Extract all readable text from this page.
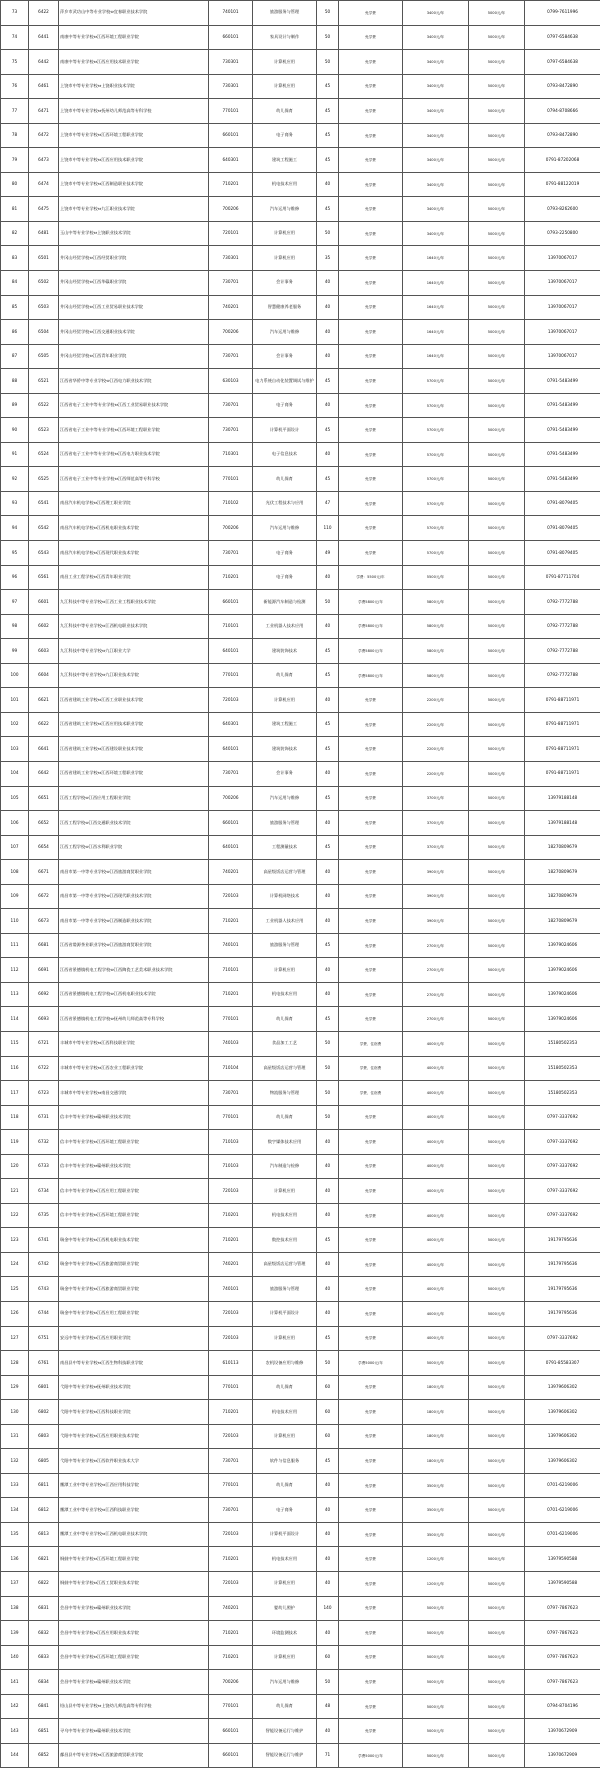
73	6422	萍乡市武功山中等专业学校⇔宜春职业技术学院	740101	旅游服务与管理	50	免学费	3400元/年	5000元/年	0799-7611996
74	6441	南康中等专业学校⇔江西环境工程职业学院	660101	家具设计与制作	50	免学费	3400元/年	5000元/年	0797-6584638
75	6442	南康中等专业学校⇔江西应用技术职业学院	730301	计算机应用	50	免学费	3400元/年	5000元/年	0797-6584638
76	6461	上饶市中等专业学校⇔上饶职业技术学院	730301	计算机应用	45	免学费	3400元/年	5000元/年	0793-8472890
77	6471	上饶市中等专业学校⇔抚州幼儿师范高等专科学校	770101	幼儿保育	45	免学费	3400元/年	5000元/年	0794-8708666
78	6472	上饶市中等专业学校⇔江西环境工程职业学院	660101	电子商务	45	免学费	3400元/年	5000元/年	0793-8472890
79	6473	上饶市中等专业学校⇔江西应用技术职业学院	640301	建筑工程施工	45	免学费	3400元/年	5000元/年	0791-87202068
80	6474	上饶市中等专业学校⇔江西制造职业技术学院	710201	机电技术应用	40	免学费	3400元/年	5000元/年	0791-88122019
81	6475	上饶市中等专业学校⇔九江职业技术学院	700206	汽车运用与维修	45	免学费	3400元/年	5000元/年	0793-8262600
82	6481	玉山中等专业学校⇔上饶职业技术学院	720101	计算机应用	50	免学费	3400元/年	5000元/年	0793-2250800
83	6501	井冈山经贸学校⇔江西经贸职业学院	730301	计算机应用	35	免学费	1640元/年	5000元/年	13970067017
84	6502	井冈山经贸学校⇔江西华赣职业学院	730701	会计事务	40	免学费	1640元/年	5000元/年	13970067017
85	6503	井冈山经贸学校⇔江西工业贸易职业技术学院	740201	智慧健康养老服务	40	免学费	1640元/年	5000元/年	13970067017
86	6504	井冈山经贸学校⇔江西交通职业技术学院	700206	汽车运用与维修	40	免学费	1640元/年	5000元/年	13970067017
87	6505	井冈山经贸学校⇔江西青年职业学院	730701	会计事务	40	免学费	1640元/年	5000元/年	13970067017
88	6521	江西省华侨中等专业学校⇔江西电力职业技术学院	630103	电力系统自动化装置调试与维护	45	免学费	5700元/年	5000元/年	0791-5483499
89	6522	江西省电子工业中等专业学校⇔江西工业贸易职业技术学院	730701	电子商务	40	免学费	5700元/年	5000元/年	0791-5483499
90	6523	江西省电子工业中等专业学校⇔江西环境工程职业学院	730701	计算机平面设计	45	免学费	5700元/年	5000元/年	0791-5483499
91	6524	江西省电子工业中等专业学校⇔江西电力职业技术学院	710301	电子信息技术	40	免学费	5700元/年	5000元/年	0791-5483499
92	6525	江西省电子工业中等专业学校⇔江西师范高等专科学校	770101	幼儿保育	45	免学费	5700元/年	5000元/年	0791-5483499
93	6541	南昌汽车机电学校⇔江西理工职业学院	710102	光伏工程技术与应用	47	免学费	5700元/年	5000元/年	0791-8079405
94	6542	南昌汽车机电学校⇔江西机电职业技术学院	700206	汽车运用与维修	110	免学费	5700元/年	5000元/年	0791-8079405
95	6543	南昌汽车机电学校⇔江西现代职业技术学院	730701	电子商务	49	免学费	5700元/年	5000元/年	0791-8079405
96	6561	南昌工业工程学校⇔江西青年职业学院	710201	电子商务	40	学费：5500元/年	5500元/年	5000元/年	0791-87711704
97	6601	九江科技中等专业学校⇔江西工业工程职业技术学院	660101	新能源汽车制造与检测	50	学费5800元/年	5800元/年	5000元/年	0792-7772788
98	6602	九江科技中等专业学校⇔江西机电职业技术学院	710101	工业机器人技术应用	40	学费5800元/年	5800元/年	5000元/年	0792-7772788
99	6603	九江科技中等专业学校⇔九江职业大学	640101	建筑装饰技术	45	学费5800元/年	5800元/年	5000元/年	0792-7772788
100	6604	九江科技中等专业学校⇔九江职业技术学院	770101	幼儿保育	45	学费5800元/年	5800元/年	5000元/年	0792-7772788
101	6621	江西省建筑工业学校⇔江西工业职业技术学院	720103	计算机应用	40	免学费	2200元/年	5000元/年	0791-88711971
102	6622	江西省建筑工业学校⇔江西应用技术职业学院	640301	建筑工程施工	45	免学费	2200元/年	5000元/年	0791-88711971
103	6641	江西省建筑工业学校⇔江西建设职业技术学院	640101	建筑装饰技术	45	免学费	2200元/年	5000元/年	0791-88711971
104	6642	江西省建筑工业学校⇔江西环境工程职业学院	730701	会计事务	40	免学费	2200元/年	5000元/年	0791-88711971
105	6651	江西工程学校⇔江西应用工程职业学院	700206	汽车运用与维修	45	免学费	3700元/年	5000元/年	13979188148
106	6652	江西工程学校⇔江西交通职业技术学院	660101	旅游服务与管理	40	免学费	3700元/年	5000元/年	13979188148
107	6654	江西工程学校⇔江西水利职业学院	640101	工程测量技术	45	免学费	3700元/年	5000元/年	18270809679
108	6671	南昌市第一中等专业学校⇔江西旅游商贸职业学院	740201	高星级饭店运营与管理	40	免学费	3900元/年	5000元/年	18270809679
109	6672	南昌市第一中等专业学校⇔江西现代职业技术学院	720103	计算机网络技术	40	免学费	3900元/年	5000元/年	18270809679
110	6673	南昌市第一中等专业学校⇔江西制造职业技术学院	710201	工业机器人技术应用	40	免学费	3900元/年	5000元/年	18270809679
111	6681	江西省婺源茶业职业学校⇔江西旅游商贸职业学院	740101	旅游服务与管理	45	免学费	2700元/年	5000元/年	13979024606
112	6691	江西省景德镇机电工程学校⇔江西陶瓷工艺美术职业技术学院	710101	计算机应用	40	免学费	2700元/年	5000元/年	13979024606
113	6692	江西省景德镇机电工程学校⇔江西机电职业技术学院	710201	机电技术应用	40	免学费	2700元/年	5000元/年	13979024606
114	6693	江西省景德镇机电工程学校⇔抚州幼儿师范高等专科学校	770101	幼儿保育	45	免学费	2700元/年	5000元/年	13979024606
115	6721	丰城市中等专业学校⇔江西科技职业学院	740103	食品加工工艺	50	学费、住宿费	4000元/年	5000元/年	15180502353
116	6722	丰城市中等专业学校⇔江西农业工程职业学院	710104	高星级饭店运营与管理	50	学费、住宿费	4000元/年	5000元/年	15180502353
117	6723	丰城市中等专业学校⇔南昌交通学院	730701	物流服务与管理	50	学费、住宿费	4000元/年	5000元/年	15180502353
118	6731	信丰中等专业学校⇔赣州职业技术学院	770101	幼儿保育	50	免学费	4000元/年	5000元/年	0797-3337692
119	6732	信丰中等专业学校⇔江西环境工程职业学院	710103	数字媒体技术应用	40	免学费	4000元/年	5000元/年	0797-3337692
120	6733	信丰中等专业学校⇔赣州职业技术学院	710103	汽车制造与检修	40	免学费	4000元/年	5000元/年	0797-3337692
121	6734	信丰中等专业学校⇔江西应用工程职业学院	720103	计算机应用	40	免学费	4000元/年	5000元/年	0797-3337692
122	6735	信丰中等专业学校⇔江西环境工程职业学院	710201	机电技术应用	40	免学费	4000元/年	5000元/年	0797-3337692
123	6741	瑞金中等专业学校⇔江西机电职业技术学院	710201	数控技术应用	45	免学费	4000元/年	5000元/年	19179795636
124	6742	瑞金中等专业学校⇔江西旅游商贸职业学院	740201	高星级饭店运营与管理	40	免学费	4000元/年	5000元/年	19179795636
125	6743	瑞金中等专业学校⇔江西旅游商贸职业学院	740101	旅游服务与管理	40	免学费	4000元/年	5000元/年	19179795636
126	6744	瑞金中等专业学校⇔江西应用工程职业学院	720103	计算机平面设计	40	免学费	4000元/年	5000元/年	19179795636
127	6751	安远中等专业学校⇔江西应用职业学院	720103	计算机应用	45	免学费	4000元/年	5000元/年	0797-3337692
128	6761	南昌县中等专业学校⇔江西生物科技职业学院	610113	农机设备应用与维修	50	学费5000元/年	5000元/年	5000元/年	0791-85583307
129	6801	弋阳中等专业学校⇔抚州职业技术学院	770101	幼儿保育	60	免学费	1800元/年	5000元/年	13979606302
130	6802	弋阳中等专业学校⇔江西科技职业学院	710201	机电技术应用	60	免学费	1800元/年	5000元/年	13979606302
131	6803	弋阳中等专业学校⇔江西应用职业技术学院	720103	计算机应用	60	免学费	1800元/年	5000元/年	13979606302
132	6805	弋阳中等专业学校⇔江西软件职业技术大学	730701	软件与信息服务	45	免学费	1800元/年	5000元/年	13979606302
133	6811	鹰潭工业中等专业学校⇔江西应用科技学院	770101	幼儿保育	40	免学费	3500元/年	5000元/年	0701-6219006
134	6812	鹰潭工业中等专业学校⇔江西科技职业学院	730701	电子商务	40	免学费	3500元/年	5000元/年	0701-6219006
135	6813	鹰潭工业中等专业学校⇔江西机电职业技术学院	720103	计算机平面设计	40	免学费	3500元/年	5000元/年	0701-6219006
136	6821	铜鼓中等专业学校⇔江西环境工程职业学院	710201	机电技术应用	40	免学费	1200元/年	5000元/年	13979590588
137	6822	铜鼓中等专业学校⇔江西工贸职业技术学院	720103	计算机应用	40	免学费	1200元/年	5000元/年	13979590588
138	6831	会昌中等专业学校⇔赣州职业技术学院	740201	婴幼儿照护	140	免学费	5000元/年	5000元/年	0797-7867623
139	6832	会昌中等专业学校⇔江西应用职业技术学院	710201	环境监测技术	40	免学费	5000元/年	5000元/年	0797-7867623
140	6833	会昌中等专业学校⇔江西环境工程职业学院	710201	计算机应用	60	免学费	5000元/年	5000元/年	0797-7867623
141	6834	会昌中等专业学校⇔赣州职业技术学院	700206	汽车运用与维修	50	免学费	5000元/年	5000元/年	0797-7867623
142	6841	铅山县中等专业学校⇔上饶幼儿师范高等专科学校	770101	幼儿保育	48	免学费	5000元/年	5000元/年	0794-8704196
143	6851	寻乌中等专业学校⇔赣州职业技术学院	660101	智能设备运行与维护	40	免学费	5000元/年	5000元/年	13970672909
144	6852	鄱昌县中等专业学校⇔江西旅游商贸职业学院	660101	智能设备运行与维护	71	学费5000元/年	5000元/年	5000元/年	13970672909
